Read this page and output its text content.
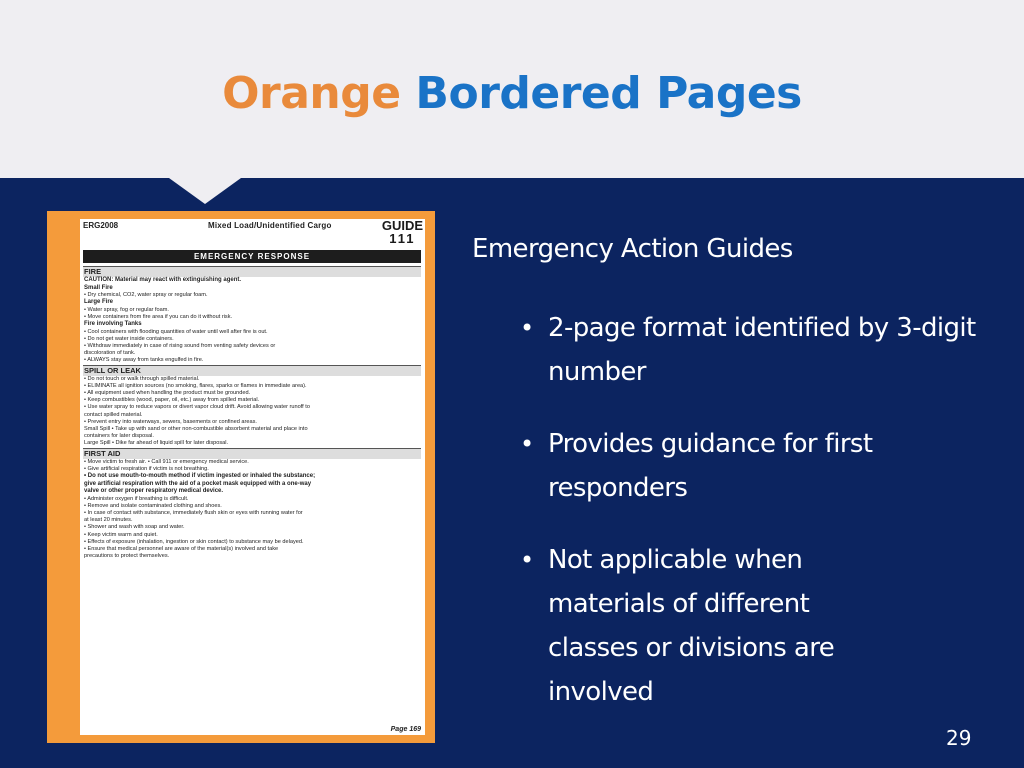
Orange Bordered Pages
ERG2008	Mixed Load/Unidentified Cargo	GUIDE
111
EMERGENCY RESPONSE
FIRE
CAUTION: Material may react with extinguishing agent.
Small Fire
• Dry chemical, CO2, water spray or regular foam.
Large Fire
• Water spray, fog or regular foam.
• Move containers from fire area if you can do it without risk.
Fire involving Tanks
• Cool containers with flooding quantities of water until well after fire is out.
• Do not get water inside containers.
• Withdraw immediately in case of rising sound from venting safety devices or
discoloration of tank.
• ALWAYS stay away from tanks engulfed in fire.
SPILL OR LEAK
• Do not touch or walk through spilled material.
• ELIMINATE all ignition sources (no smoking, flares, sparks or flames in immediate area).
• All equipment used when handling the product must be grounded.
• Keep combustibles (wood, paper, oil, etc.) away from spilled material.
• Use water spray to reduce vapors or divert vapor cloud drift. Avoid allowing water runoff to
contact spilled material.
• Prevent entry into waterways, sewers, basements or confined areas.
Small Spill • Take up with sand or other non-combustible absorbent material and place into
containers for later disposal.
Large Spill • Dike far ahead of liquid spill for later disposal.
FIRST AID
• Move victim to fresh air. • Call 911 or emergency medical service.
• Give artificial respiration if victim is not breathing.
• Do not use mouth-to-mouth method if victim ingested or inhaled the substance;
give artificial respiration with the aid of a pocket mask equipped with a one-way
valve or other proper respiratory medical device.
• Administer oxygen if breathing is difficult.
• Remove and isolate contaminated clothing and shoes.
• In case of contact with substance, immediately flush skin or eyes with running water for
at least 20 minutes.
• Shower and wash with soap and water.
• Keep victim warm and quiet.
• Effects of exposure (inhalation, ingestion or skin contact) to substance may be delayed.
• Ensure that medical personnel are aware of the material(s) involved and take
precautions to protect themselves.
Page 169
Emergency Action Guides
• 2-page format identified by 3-digit number
• Provides guidance for first responders
• Not applicable when materials of different classes or divisions are involved
29
